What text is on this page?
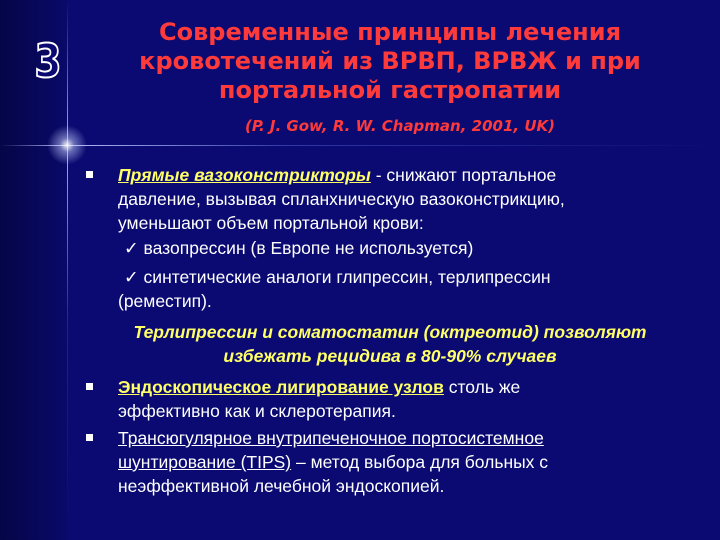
3
Современные принципы лечения
кровотечений из ВРВП, ВРВЖ и при
портальной гастропатии
(P. J. Gow, R. W. Chapman, 2001, UK)
Прямые вазоконстрикторы - снижают портальное
давление, вызывая спланхническую вазоконстрикцию,
уменьшают объем портальной крови:
✓ вазопрессин (в Европе не используется)
✓ синтетические аналоги глипрессин, терлипрессин
(реместип).
Терлипрессин и соматостатин (октреотид) позволяют
избежать рецидива в 80-90% случаев
Эндоскопическое лигирование узлов столь же
эффективно как и склеротерапия.
Трансюгулярное внутрипеченочное портосистемное
шунтирование (TIPS) – метод выбора для больных с
неэффективной лечебной эндоскопией.
